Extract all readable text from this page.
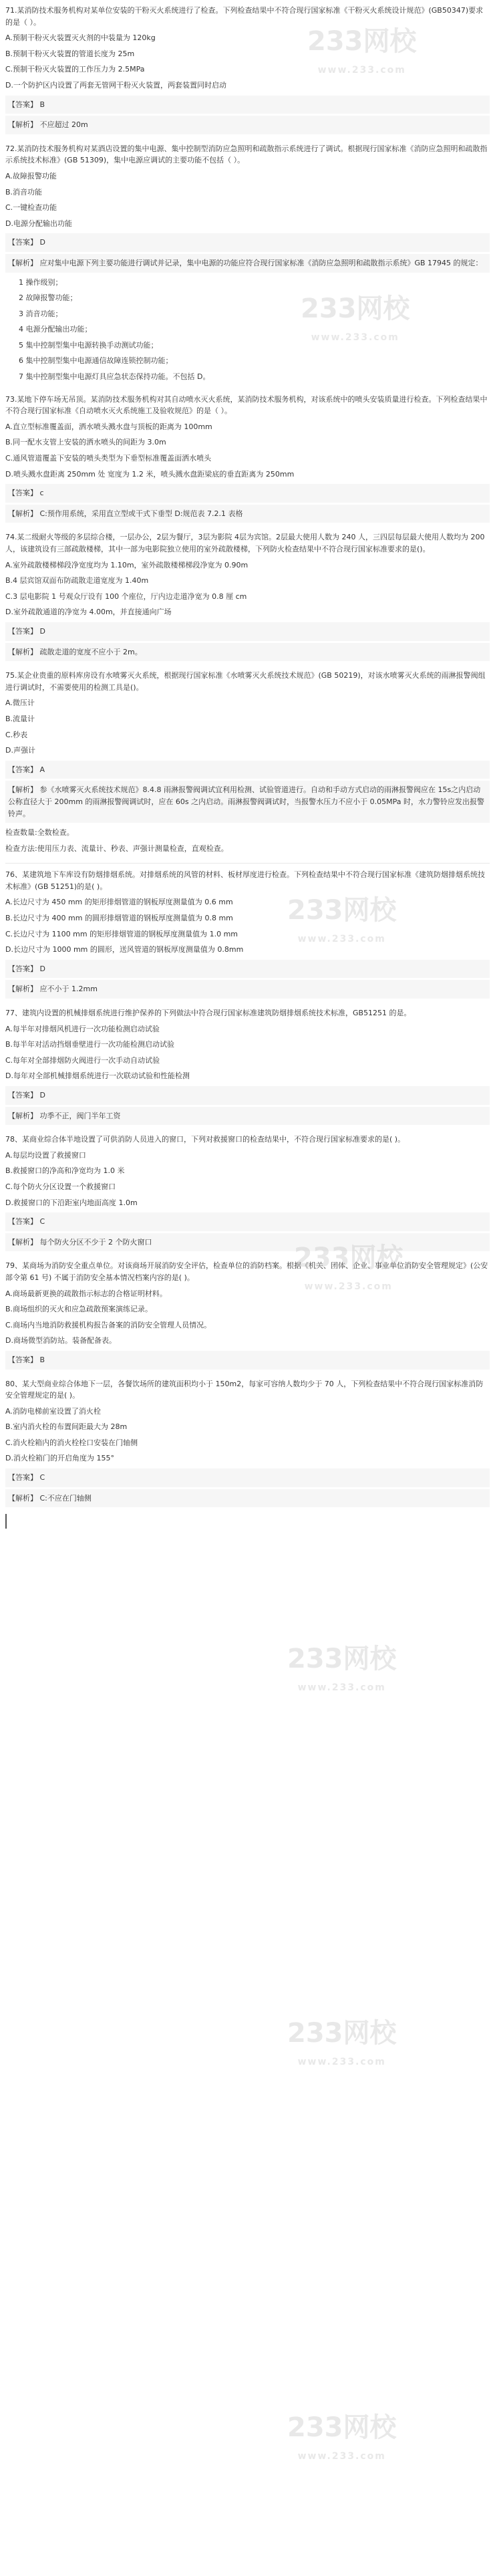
233网校
www.233.com
233网校
www.233.com
233网校
www.233.com
233网校
www.233.com
233网校
www.233.com
233网校
www.233.com
233网校
www.233.com
71.某消防技术服务机构对某单位安装的干粉灭火系统进行了检查。下列检查结果中不符合现行国家标准《干粉灭火系统设计规范》(GB50347)要求的是（ ）。
A.预制干粉灭火装置灭火剂的中装量为 120kg
B.预制干粉灭火装置的管道长度为 25m
C.预制干粉灭火装置的工作压力为 2.5MPa
D.一个防护区内设置了两套无管网干粉灭火装置，两套装置同时启动
【答案】 B
【解析】 不应超过 20m
72.某消防技术服务机构对某酒店设置的集中电源、集中控制型消防应急照明和疏散指示系统进行了调试。根据现行国家标准《消防应急照明和疏散指示系统技术标准》(GB 51309)，集中电源应调试的主要功能不包括（ ）。
A.故障报警功能
B.消音功能
C.一键检查功能
D.电源分配输出功能
【答案】 D
【解析】 应对集中电源下列主要功能进行调试并记录，集中电源的功能应符合现行国家标准《消防应急照明和疏散指示系统》GB 17945 的规定：
1 操作级别；
2 故障报警功能；
3 消音功能；
4 电源分配输出功能；
5 集中控制型集中电源转换手动测试功能；
6 集中控制型集中电源通信故障连锁控制功能；
7 集中控制型集中电源灯具应急状态保持功能。不包括 D。
73.某地下停车场无吊顶。某消防技术服务机构对其自动喷水灭火系统，某消防技术服务机构，对该系统中的喷头安装质量进行检查。下列检查结果中不符合现行国家标准《自动喷水灭火系统施工及验收规范》的是（ ）。
A.直立型标准覆盖面，洒水喷头溅水盘与顶板的距离为 100mm
B.同一配水支管上安装的洒水喷头的间距为 3.0m
C.通风管道覆盖下安装的喷头类型为下垂型标准覆盖面洒水喷头
D.喷头溅水盘距离 250mm 处 宽度为 1.2 米，喷头溅水盘距梁底的垂直距离为 250mm
【答案】 c
【解析】 C:预作用系统，采用直立型或干式下垂型 D:规范表 7.2.1 表格
74.某二级耐火等级的多层综合楼，一层办公，2层为餐厅，3层为影院 4层为宾馆。2层最大使用人数为 240 人，三四层每层最大使用人数均为 200 人，该建筑设有三部疏散楼梯，其中一部为电影院独立使用的室外疏散楼梯，下列防火检查结果中不符合现行国家标准要求的是()。
A.室外疏散楼梯梯段净宽度均为 1.10m，室外疏散楼梯梯段净宽为 0.90m
B.4 层宾馆双面布防疏散走道宽度为 1.40m
C.3 层电影院 1 号观众厅设有 100 个座位，厅内边走道净宽为 0.8 厘 cm
D.室外疏散通道的净宽为 4.00m，并直接通向广场
【答案】 D
【解析】 疏散走道的宽度不应小于 2m。
75.某企业贵重的原料库房设有水喷雾灭火系统，根据现行国家标准《水喷雾灭火系统技术规范》(GB 50219)，对该水喷雾灭火系统的雨淋报警阀组进行调试时，不需要使用的检测工具是()。
A.微压计
B.流量计
C.秒表
D.声强计
【答案】 A
【解析】 参《水喷雾灭火系统技术规范》8.4.8 雨淋报警阀调试宜利用检测、试验管道进行。自动和手动方式启动的雨淋报警阀应在 15s之内启动公称直径大于 200mm 的雨淋报警阀调试时，应在 60s 之内启动。雨淋报警阀调试时，当报警水压力不应小于 0.05MPa 时，水力警铃应发出报警铃声。
检查数量:全数检查。
检查方法:使用压力表、流量计、秒表、声强计测量检查，直观检查。
76、某建筑地下车库设有防烟排烟系统。对排烟系统的风管的材料、板材厚度进行检查。下列检查结果中不符合现行国家标准《建筑防烟排烟系统技术标准》(GB 51251)的是( )。
A.长边尺寸为 450 mm 的矩形排烟管道的钢板厚度测量值为 0.6 mm
B.长边尺寸为 400 mm 的圆形排烟管道的钢板厚度测量值为 0.8 mm
C.长边尺寸为 1100 mm 的矩形排烟管道的钢板厚度测量值为 1.0 mm
D.长边尺寸为 1000 mm 的圆形，送风管道的钢板厚度测量值为 0.8mm
【答案】 D
【解析】 应不小于 1.2mm
77、建筑内设置的机械排烟系统进行维护保养的下列做法中符合现行国家标准建筑防烟排烟系统技术标准，GB51251 的是。
A.每半年对排烟风机进行一次功能检测启动试验
B.每半年对活动挡烟垂壁进行一次功能检测启动试验
C.每年对全部排烟防火阀进行一次手动自动试验
D.每年对全部机械排烟系统进行一次联动试验和性能检测
【答案】 D
【解析】 功季不正，阀门半年工资
78、某商业综合体半地设置了可供消防人员进入的窗口，下列对救援窗口的检查结果中，不符合现行国家标准要求的是( )。
A.每层均设置了救援窗口
B.救援窗口的净高和净宽均为 1.0 米
C.每个防火分区设置一个救援窗口
D.救援窗口的下沿距室内地面高度 1.0m
【答案】 C
【解析】 每个防火分区不少于 2 个防火窗口
79、某商场为消防安全重点单位。对该商场开展消防安全评估，检查单位的消防档案。根据《机关、团体、企业、事业单位消防安全管理规定》(公安部令第 61 号) 不属于消防安全基本情况档案内容的是( )。
A.商场最新更换的疏散指示标志的合格证明材料。
B.商场组织的灭火和应急疏散预案演练记录。
C.商场内当地消防救援机构报告备案的消防安全管理人员情况。
D.商场微型消防站。装备配备表。
【答案】 B
80、某大型商业综合体地下一层，各餐饮场所的建筑面积均小于 150m2，每家可容纳人数均少于 70 人，下列检查结果中不符合现行国家标准消防安全管理规定的是( )。
A.消防电梯前室设置了消火栓
B.室内消火栓的布置间距最大为 28m
C.消火栓箱内的消火栓栓口安装在门轴侧
D.消火栓箱门的开启角度为 155°
【答案】 C
【解析】 C:不应在门轴侧
